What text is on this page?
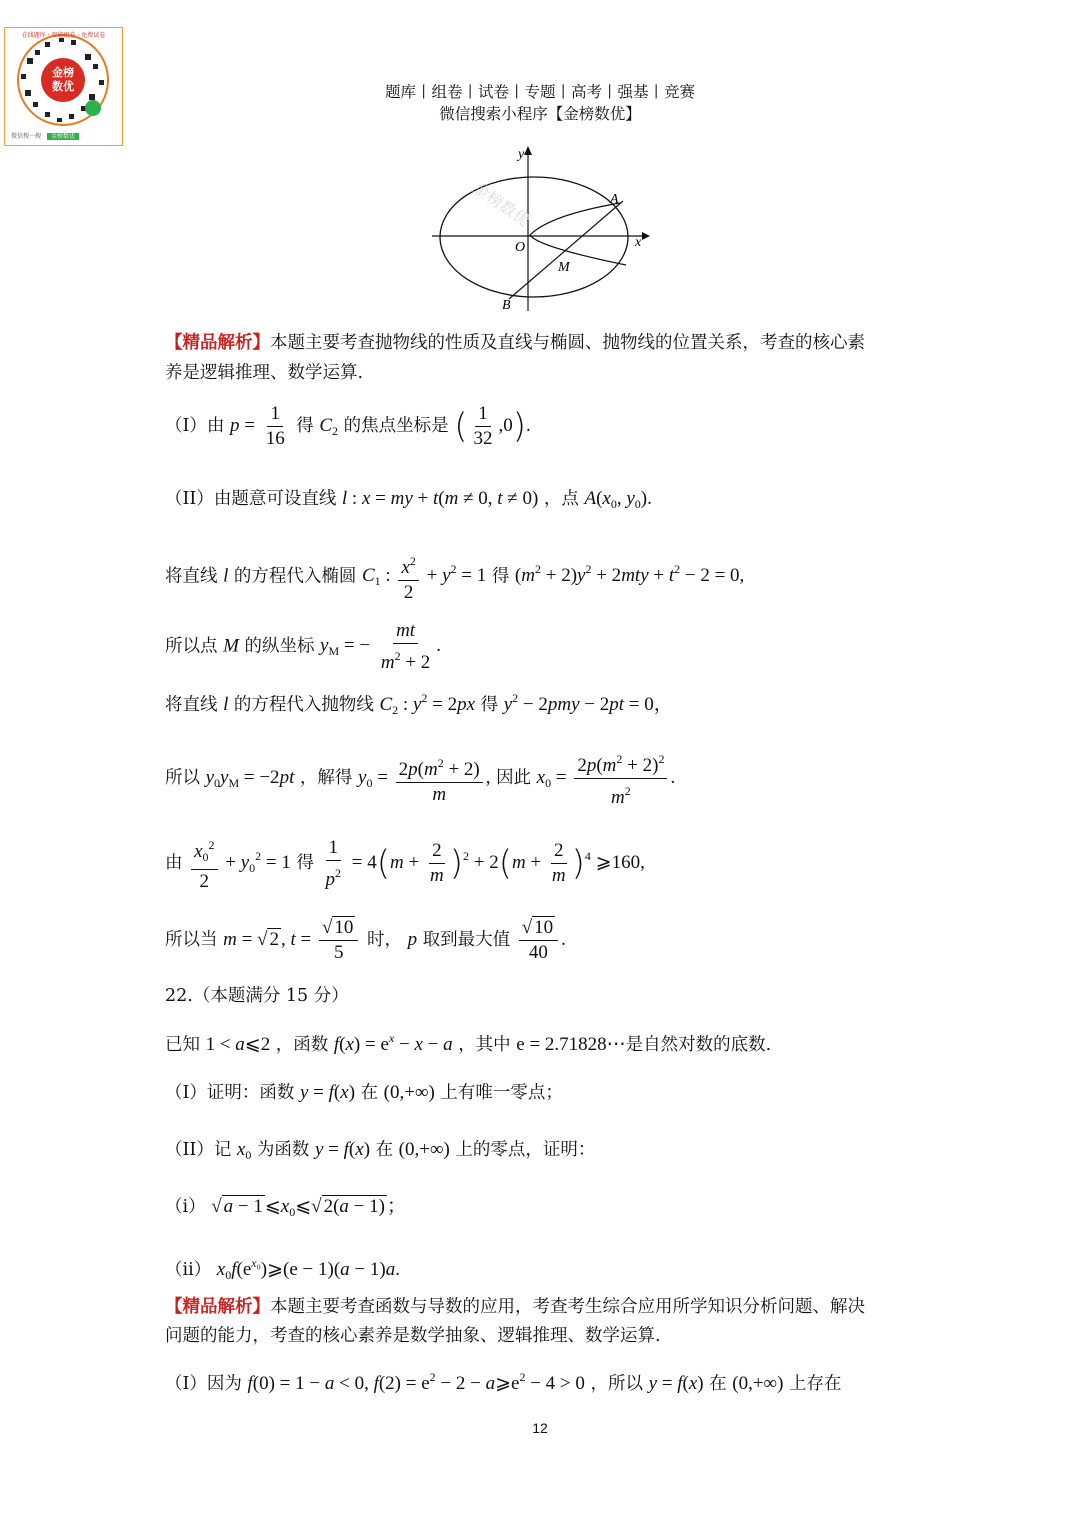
金榜
数优
在线题库 · 智能组卷 · 免费试卷
微信搜一搜 金榜数优
题库丨组卷丨试卷丨专题丨高考丨强基丨竞赛
微信搜索小程序【金榜数优】
金榜数优
y
x
O
A
M
B
【精品解析】本题主要考查抛物线的性质及直线与椭圆、抛物线的位置关系，考查的核心素
养是逻辑推理、数学运算.
（I）由 $p = \frac{1}{16}$ 得 $C_2$ 的焦点坐标是 ( $\frac{1}{32} ,0$).
（II）由题意可设直线 l : x = my + t(m ≠ 0, t ≠ 0) ，点 $A(x_0$, $y_0$).
将直线 l 的方程代入椭圆 $C_1$ : $\frac{x^2}{2} + y^2 = 1$ 得 $(m^2 + 2)y^2 + 2mty + t^2 - 2 = 0$,
所以点 M 的纵坐标 $y_M$ = − $\frac{mt}{m^2 + 2}$ .
将直线 l 的方程代入抛物线 $C_2$ : $y^2 = 2px$ 得 $y^2 - 2pmy - 2pt = 0$，
所以 $y_0y_M = -2pt$ ，解得 $y_0 = \frac{2p(m^2 + 2)}{m}$ , 因此 $x_0 = \frac{2p(m^2 + 2)^2}{m^2}$ .
由 $\frac{x_0^2}{2} + y_0^2 = 1$ 得 $\frac{1}{p^2} = 4(m + \frac{2}{m} )^2 + 2(m + \frac{2}{m} )^4$ ⩾160,
所以当 m = √ 2 , $t = \frac{√ 10}{5}$ 时， p 取到最大值 $\frac{√ 10}{40}$ .
22.（本题满分 15 分）
已知 1 < a⩽2 ，函数 $f(x) = e^x - x - a$ ，其中 e = 2.71828⋯是自然对数的底数.
（I）证明：函数 y = f(x) 在 (0,+∞) 上有唯一零点；
（II）记 $x_0$ 为函数 y = f(x) 在 (0,+∞) 上的零点，证明：
（i） √ a − 1 $⩽x_0⩽√$ 2(a − 1) ；
（ii） $x_0f(e^{x_0})⩾(e - 1)(a - 1)a$.
【精品解析】本题主要考查函数与导数的应用，考查考生综合应用所学知识分析问题、解决
问题的能力，考查的核心素养是数学抽象、逻辑推理、数学运算.
（I）因为 f(0) = 1 − a < 0, $f(2) = e^2 - 2$ − $a⩾e^2 - 4 > 0$ ，所以 y = f(x) 在 (0,+∞) 上存在
12
